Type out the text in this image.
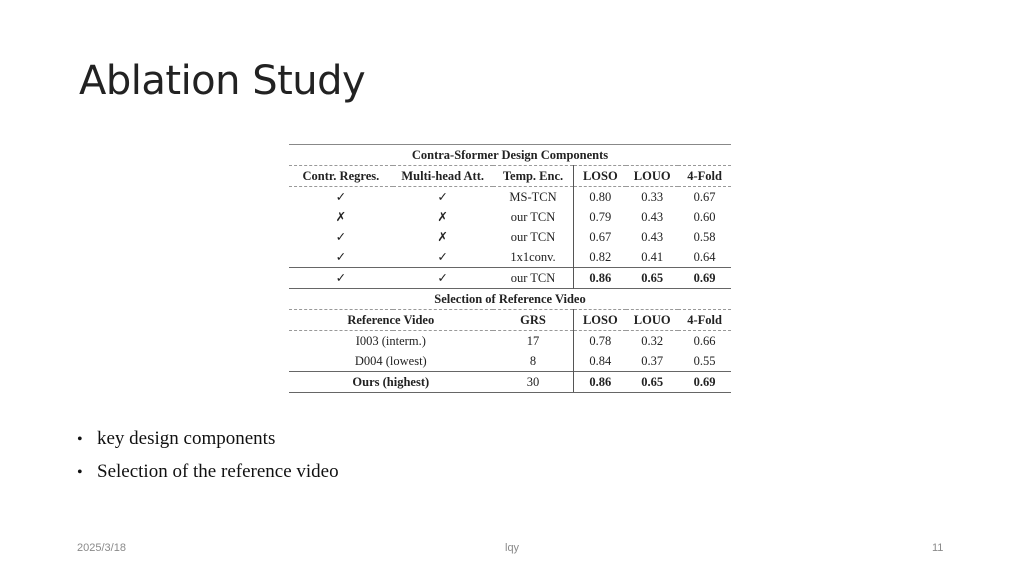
Ablation Study
Contra-Sformer Design Components					
Contr. Regres.	Multi-head Att.	Temp. Enc.	LOSO	LOUO	4-Fold
✓	✓	MS-TCN	0.80	0.33	0.67
✗	✗	our TCN	0.79	0.43	0.60
✓	✗	our TCN	0.67	0.43	0.58
✓	✓	1x1conv.	0.82	0.41	0.64
✓	✓	our TCN	0.86	0.65	0.69
Selection of Reference Video					
Reference Video		GRS	LOSO	LOUO	4-Fold
I003 (interm.)		17	0.78	0.32	0.66
D004 (lowest)		8	0.84	0.37	0.55
Ours (highest)		30	0.86	0.65	0.69
• key design components
• Selection of the reference video
2025/3/18	lqy	11
